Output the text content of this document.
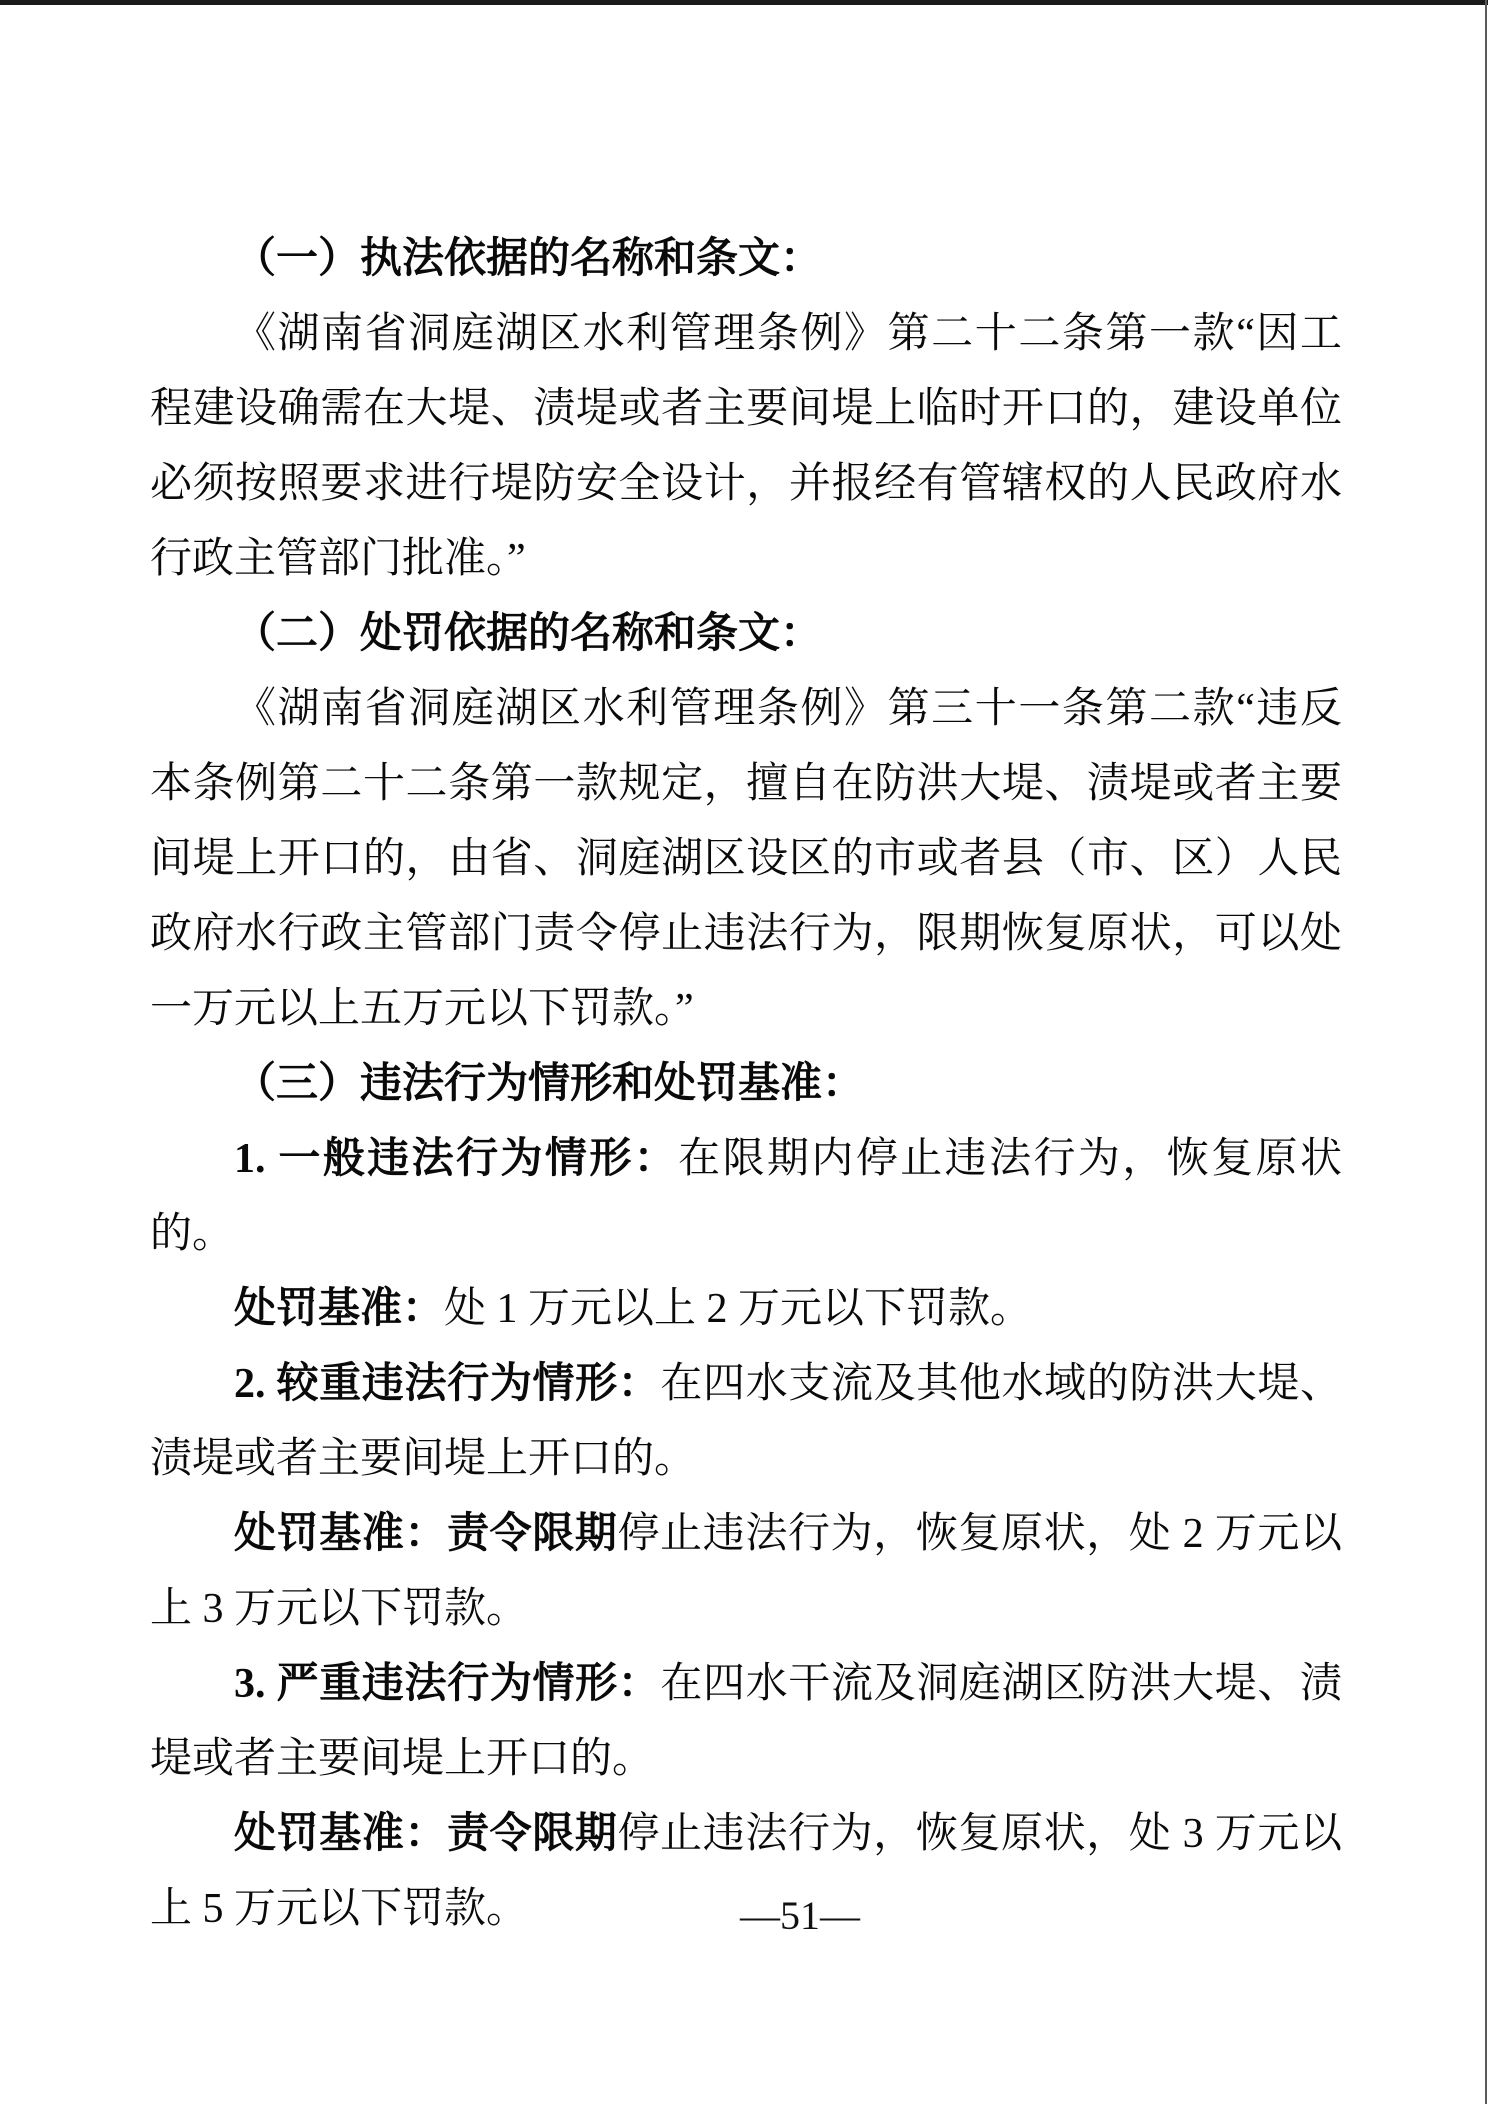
（一）执法依据的名称和条文：

《湖南省洞庭湖区水利管理条例》第二十二条第一款“因工程建设确需在大堤、渍堤或者主要间堤上临时开口的，建设单位必须按照要求进行堤防安全设计，并报经有管辖权的人民政府水行政主管部门批准。”

（二）处罚依据的名称和条文：

《湖南省洞庭湖区水利管理条例》第三十一条第二款“违反本条例第二十二条第一款规定，擅自在防洪大堤、渍堤或者主要间堤上开口的，由省、洞庭湖区设区的市或者县（市、区）人民政府水行政主管部门责令停止违法行为，限期恢复原状，可以处一万元以上五万元以下罚款。”

（三）违法行为情形和处罚基准：

1. 一般违法行为情形：在限期内停止违法行为，恢复原状的。

处罚基准：处 1 万元以上 2 万元以下罚款。

2. 较重违法行为情形：在四水支流及其他水域的防洪大堤、渍堤或者主要间堤上开口的。

处罚基准：责令限期停止违法行为，恢复原状，处 2 万元以上 3 万元以下罚款。

3. 严重违法行为情形：在四水干流及洞庭湖区防洪大堤、渍堤或者主要间堤上开口的。

处罚基准：责令限期停止违法行为，恢复原状，处 3 万元以上 5 万元以下罚款。	—51—
